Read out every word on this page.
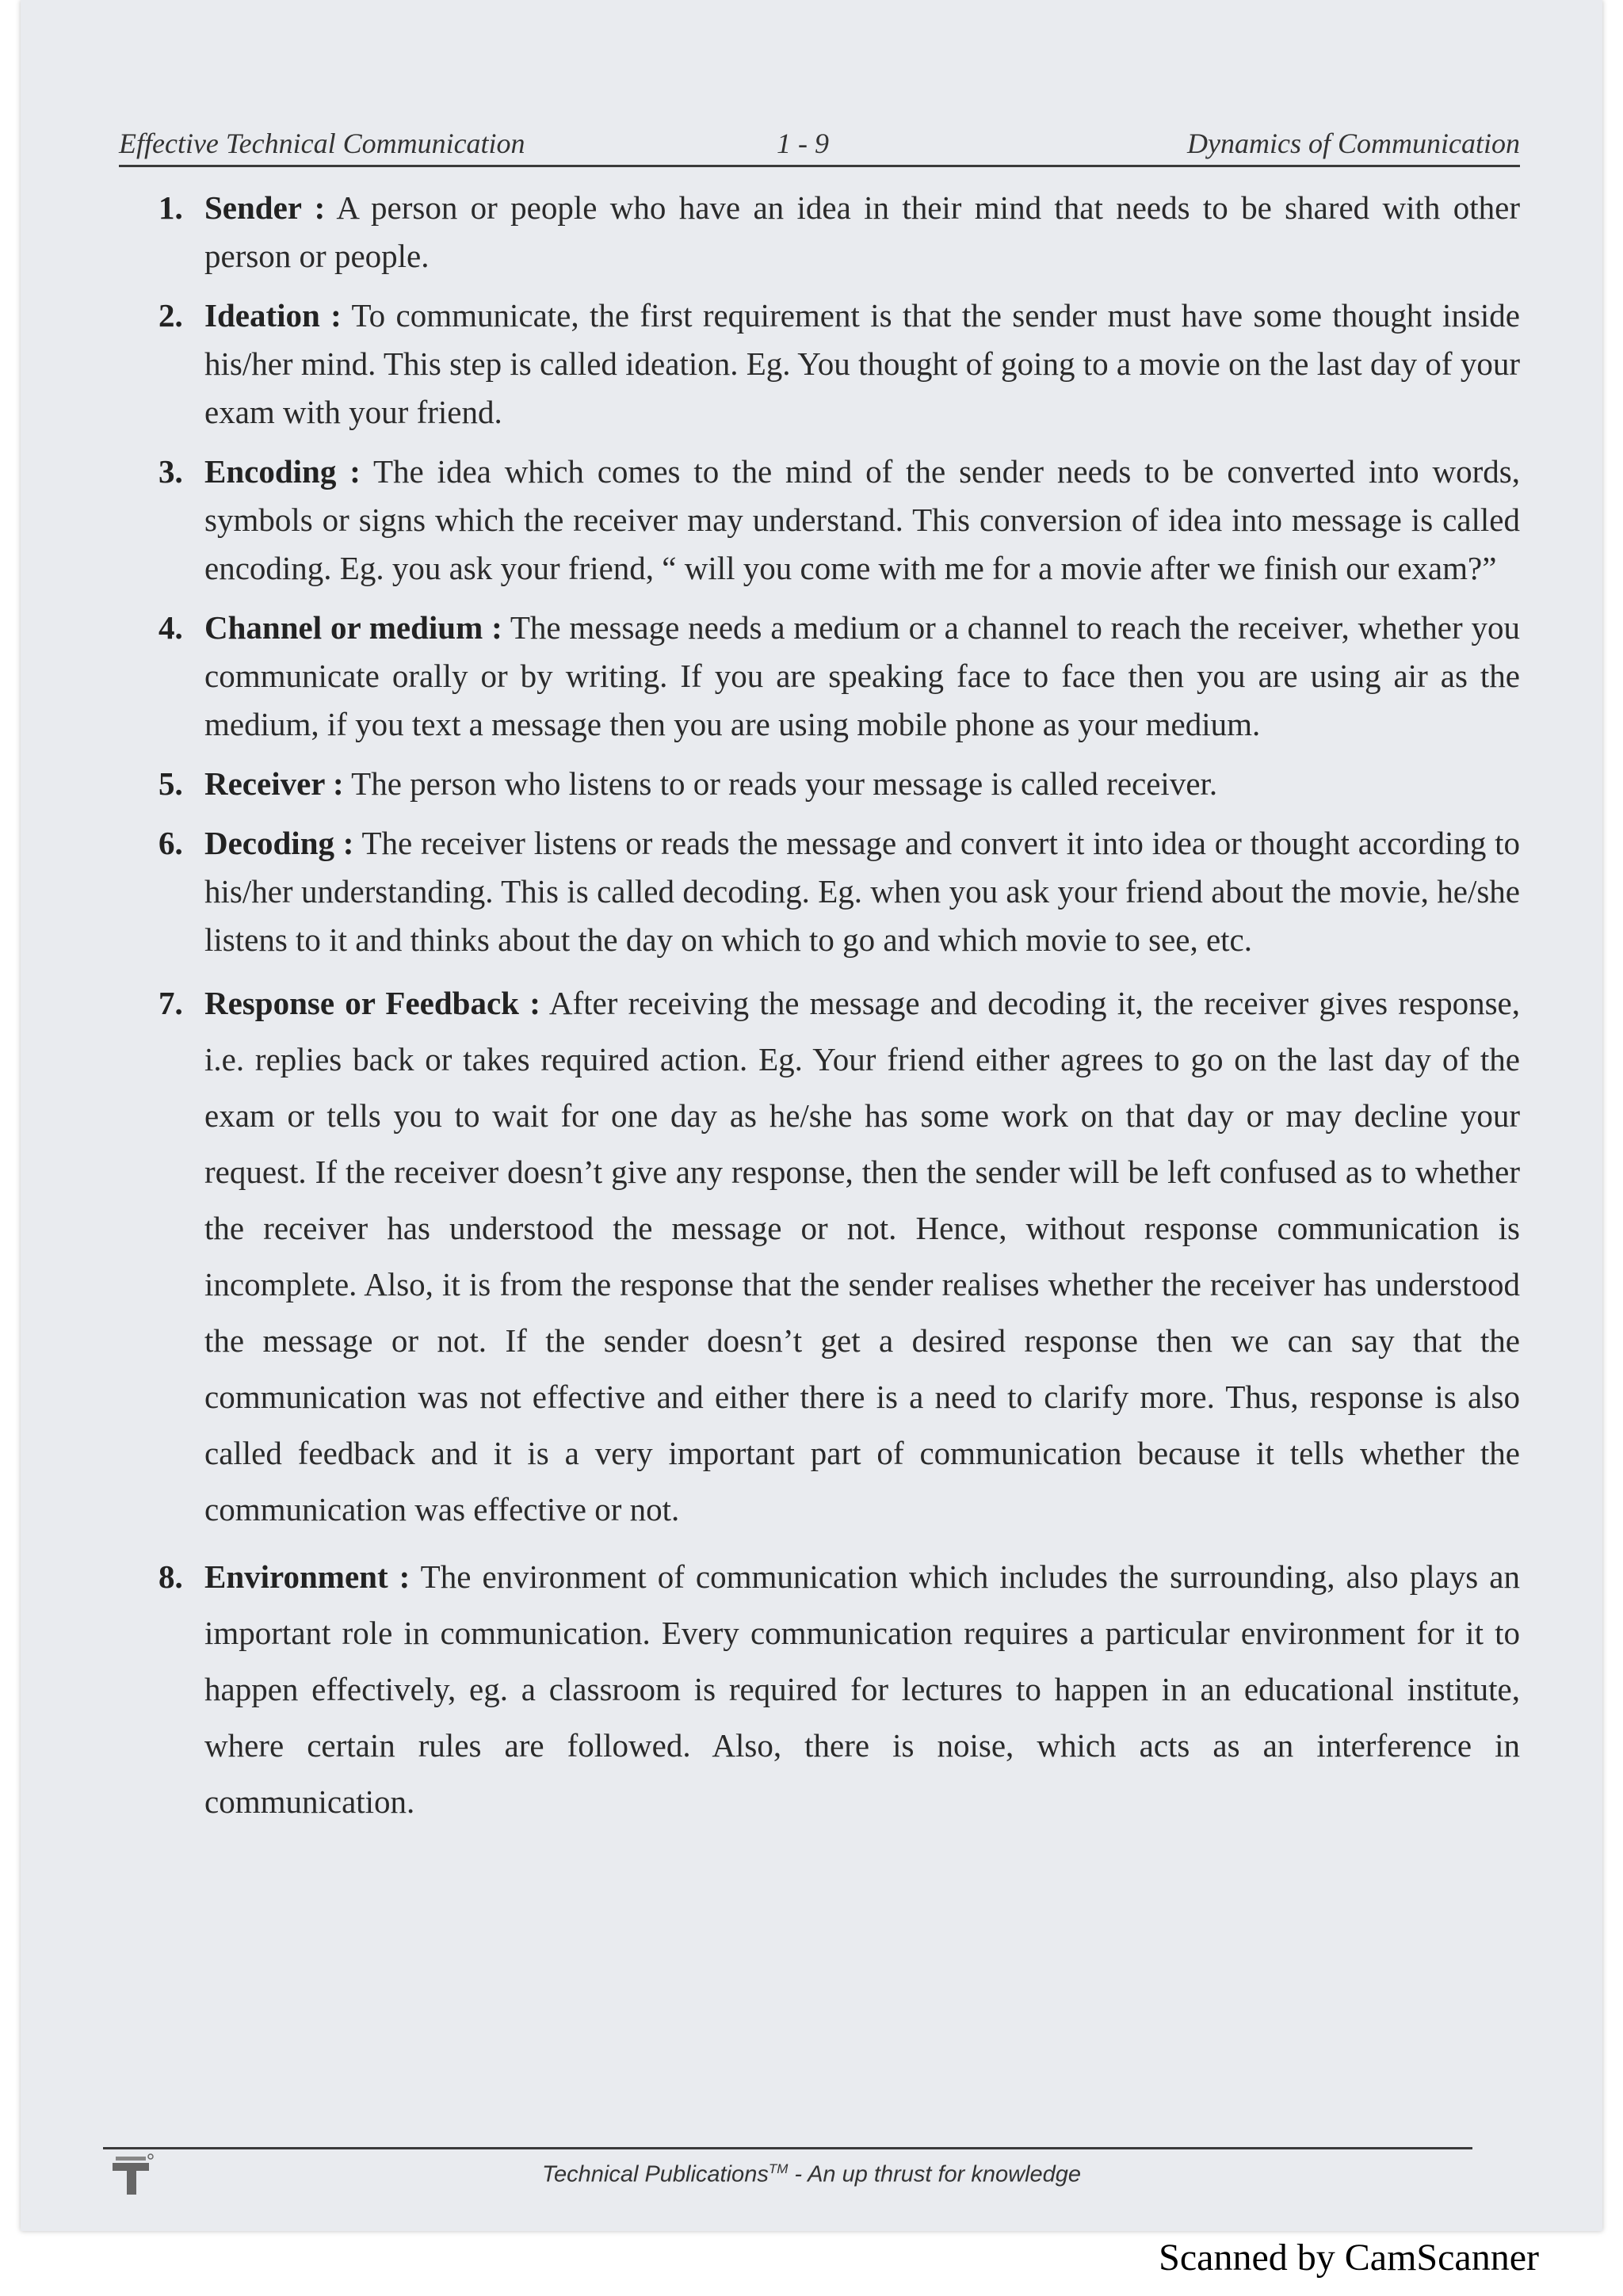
Effective Technical Communication	1 - 9	Dynamics of Communication
1. Sender : A person or people who have an idea in their mind that needs to be shared with other person or people.
2. Ideation : To communicate, the first requirement is that the sender must have some thought inside his/her mind. This step is called ideation. Eg. You thought of going to a movie on the last day of your exam with your friend.
3. Encoding : The idea which comes to the mind of the sender needs to be converted into words, symbols or signs which the receiver may understand. This conversion of idea into message is called encoding. Eg. you ask your friend, “ will you come with me for a movie after we finish our exam?”
4. Channel or medium : The message needs a medium or a channel to reach the receiver, whether you communicate orally or by writing. If you are speaking face to face then you are using air as the medium, if you text a message then you are using mobile phone as your medium.
5. Receiver : The person who listens to or reads your message is called receiver.
6. Decoding : The receiver listens or reads the message and convert it into idea or thought according to his/her understanding. This is called decoding. Eg. when you ask your friend about the movie, he/she listens to it and thinks about the day on which to go and which movie to see, etc.
7. Response or Feedback : After receiving the message and decoding it, the receiver gives response, i.e. replies back or takes required action. Eg. Your friend either agrees to go on the last day of the exam or tells you to wait for one day as he/she has some work on that day or may decline your request. If the receiver doesn’t give any response, then the sender will be left confused as to whether the receiver has understood the message or not. Hence, without response communication is incomplete. Also, it is from the response that the sender realises whether the receiver has understood the message or not. If the sender doesn’t get a desired response then we can say that the communication was not effective and either there is a need to clarify more. Thus, response is also called feedback and it is a very important part of communication because it tells whether the communication was effective or not.
8. Environment : The environment of communication which includes the surrounding, also plays an important role in communication. Every communication requires a particular environment for it to happen effectively, eg. a classroom is required for lectures to happen in an educational institute, where certain rules are followed. Also, there is noise, which acts as an interference in communication.
Technical Publications™ - An up thrust for knowledge
Scanned by CamScanner
